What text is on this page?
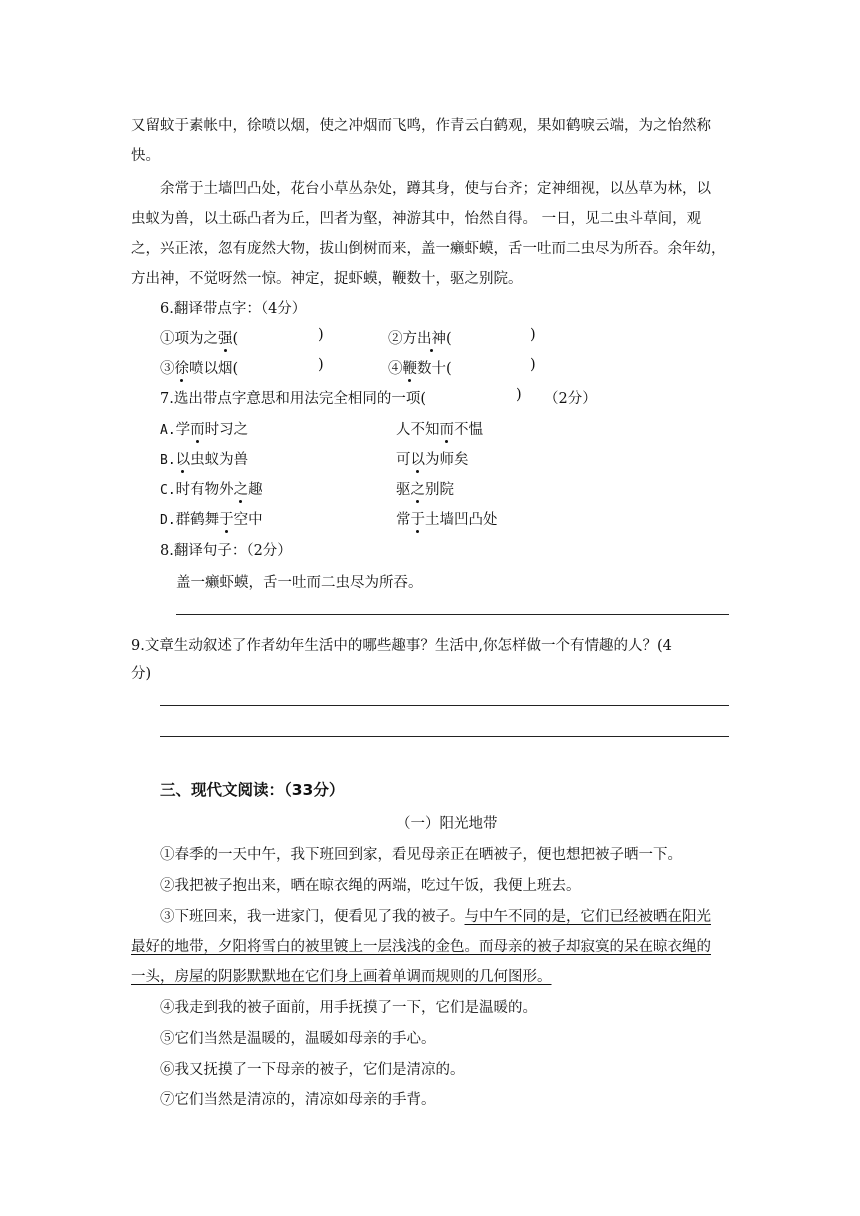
又留蚊于素帐中，徐喷以烟，使之冲烟而飞鸣，作青云白鹤观，果如鹤唳云端，为之怡然称
快。
余常于土墙凹凸处，花台小草丛杂处，蹲其身，使与台齐；定神细视，以丛草为林，以
虫蚁为兽，以土砾凸者为丘，凹者为壑，神游其中，怡然自得。 一日，见二虫斗草间，观
之，兴正浓，忽有庞然大物，拔山倒树而来，盖一癞虾蟆，舌一吐而二虫尽为所吞。余年幼，
方出神，不觉呀然一惊。神定，捉虾蟆，鞭数十，驱之别院。
6.翻译带点字：（4分）
①项为之强(	)	②方出神(	)
③徐喷以烟(	)	④鞭数十(	)
7.选出带点字意思和用法完全相同的一项(	) （2分）
A.学而时习之	人不知而不愠
B.以虫蚁为兽	可以为师矣
C.时有物外之趣	驱之别院
D.群鹤舞于空中	常于土墙凹凸处
8.翻译句子：（2分）
盖一癞虾蟆，舌一吐而二虫尽为所吞。
9.文章生动叙述了作者幼年生活中的哪些趣事？生活中,你怎样做一个有情趣的人？(4
分)
三、现代文阅读：（33分）
（一）阳光地带
①春季的一天中午，我下班回到家，看见母亲正在晒被子，便也想把被子晒一下。
②我把被子抱出来，晒在晾衣绳的两端，吃过午饭，我便上班去。
③下班回来，我一进家门，便看见了我的被子。与中午不同的是，它们已经被晒在阳光
最好的地带，夕阳将雪白的被里镀上一层浅浅的金色。而母亲的被子却寂寞的呆在晾衣绳的
一头，房屋的阴影默默地在它们身上画着单调而规则的几何图形。
④我走到我的被子面前，用手抚摸了一下，它们是温暖的。
⑤它们当然是温暖的，温暖如母亲的手心。
⑥我又抚摸了一下母亲的被子，它们是清凉的。
⑦它们当然是清凉的，清凉如母亲的手背。
